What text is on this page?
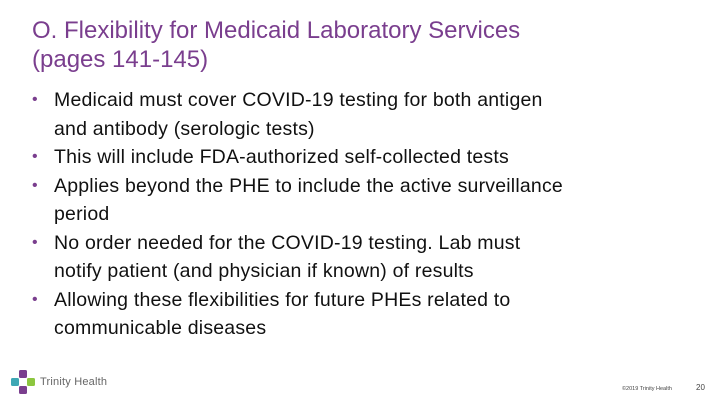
O. Flexibility for Medicaid Laboratory Services
(pages 141-145)
• Medicaid must cover COVID-19 testing for both antigen
and antibody (serologic tests)
• This will include FDA-authorized self-collected tests
• Applies beyond the PHE to include the active surveillance
period
• No order needed for the COVID-19 testing. Lab must
notify patient (and physician if known) of results
• Allowing these flexibilities for future PHEs related to
communicable diseases
Trinity Health
©2019 Trinity Health	20
